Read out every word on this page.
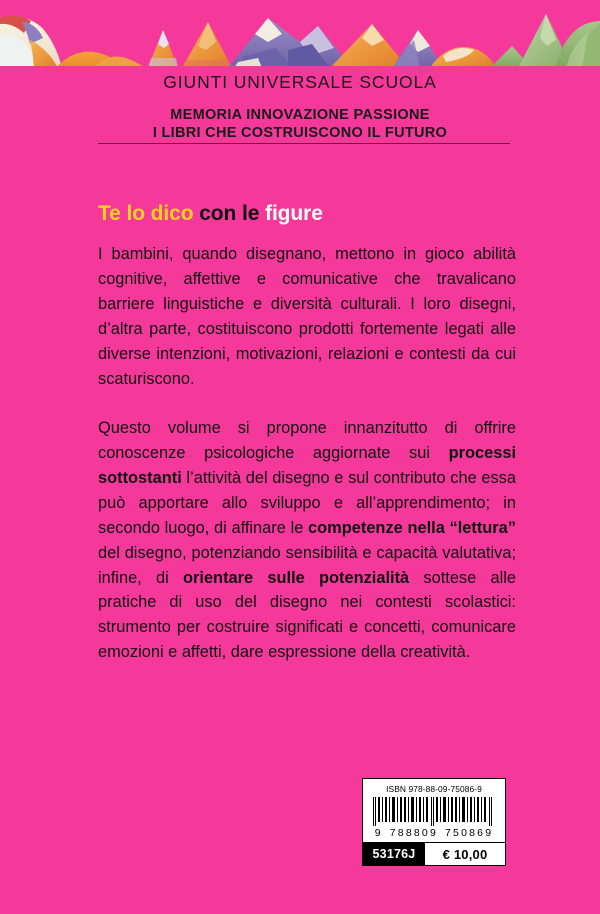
GIUNTI UNIVERSALE SCUOLA
MEMORIA INNOVAZIONE PASSIONE
I LIBRI CHE COSTRUISCONO IL FUTURO
Te lo dico con le figure

I bambini, quando disegnano, mettono in gioco abilità cognitive, affettive e comunicative che travalicano barriere linguistiche e diversità culturali. I loro disegni, d’altra parte, costituiscono prodotti fortemente legati alle diverse intenzioni, motivazioni, relazioni e contesti da cui scaturiscono.

Questo volume si propone innanzitutto di offrire conoscenze psicologiche aggiornate sui processi sottostanti l’attività del disegno e sul contributo che essa può apportare allo sviluppo e all’apprendimento; in secondo luogo, di affinare le competenze nella “lettura” del disegno, potenziando sensibilità e capacità valutativa; infine, di orientare sulle potenzialità sottese alle pratiche di uso del disegno nei contesti scolastici: strumento per costruire significati e concetti, comunicare emozioni e affetti, dare espressione della creatività.

ISBN 978-88-09-75086-9
9 788809 750869
53176J	€ 10,00
